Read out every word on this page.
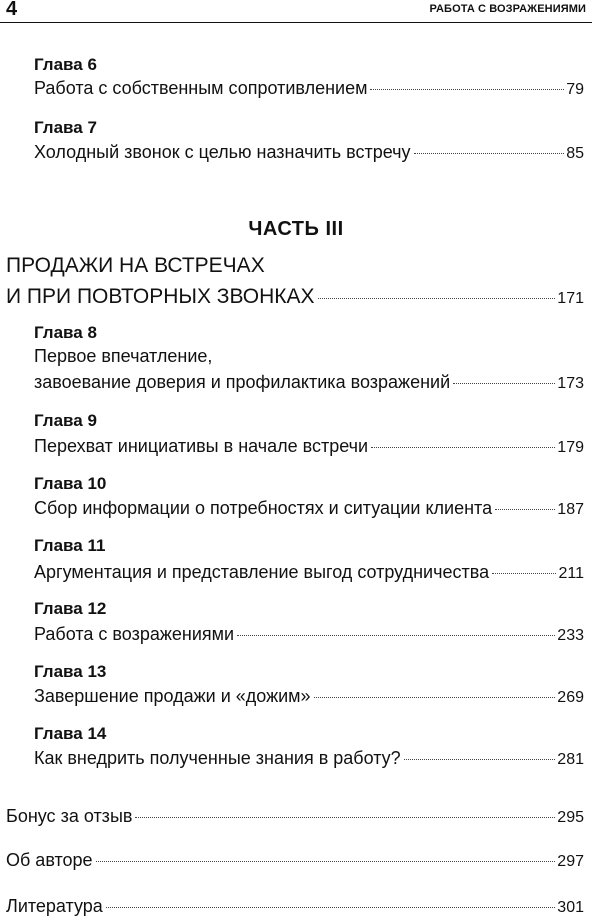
4	РАБОТА С ВОЗРАЖЕНИЯМИ
Глава 6
Работа с собственным сопротивлением	79
Глава 7
Холодный звонок с целью назначить встречу	85
ЧАСТЬ III
ПРОДАЖИ НА ВСТРЕЧАХ
И ПРИ ПОВТОРНЫХ ЗВОНКАХ	171
Глава 8
Первое впечатление,
завоевание доверия и профилактика возражений	173
Глава 9
Перехват инициативы в начале встречи	179
Глава 10
Сбор информации о потребностях и ситуации клиента	187
Глава 11
Аргументация и представление выгод сотрудничества	211
Глава 12
Работа с возражениями	233
Глава 13
Завершение продажи и «дожим»	269
Глава 14
Как внедрить полученные знания в работу?	281
Бонус за отзыв	295
Об авторе	297
Литература	301
